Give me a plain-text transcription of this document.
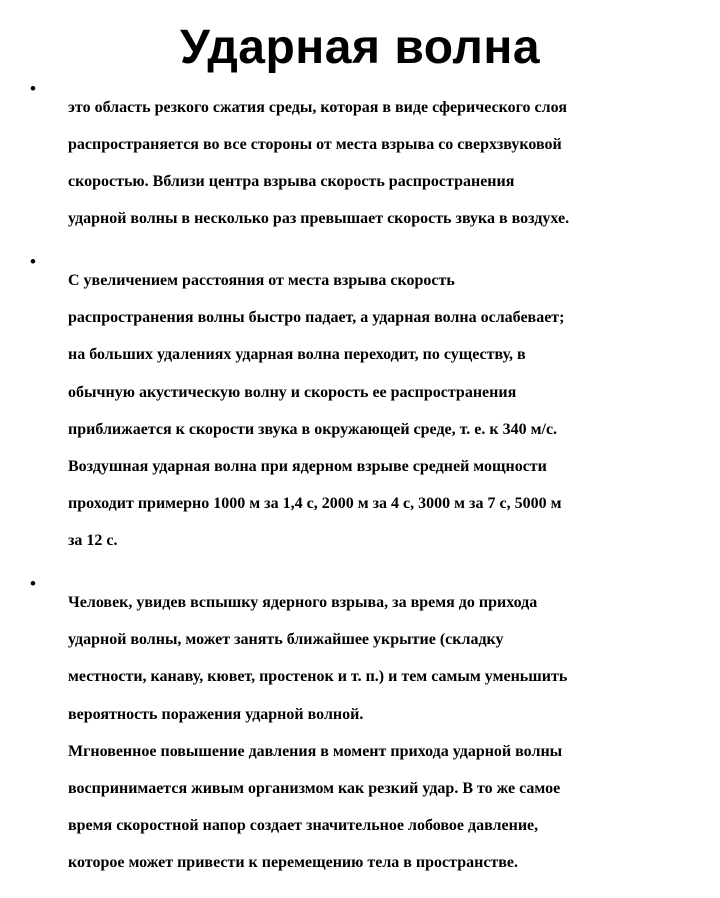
Ударная волна
•

это область резкого сжатия среды, которая в виде сферического слоя

распространяется во все стороны от места взрыва со сверхзвуковой

скоростью. Вблизи центра взрыва скорость распространения

ударной волны в несколько раз превышает скорость звука в воздухе.

•

С увеличением расстояния от места взрыва скорость

распространения волны быстро падает, а ударная волна ослабевает;

на больших удалениях ударная волна переходит, по существу, в

обычную акустическую волну и скорость ее распространения

приближается к скорости звука в окружающей среде, т. е. к 340 м/с.

Воздушная ударная волна при ядерном взрыве средней мощности

проходит примерно 1000 м за 1,4 с, 2000 м за 4 с, 3000 м за 7 с, 5000 м

за 12 с.

•

Человек, увидев вспышку ядерного взрыва, за время до прихода

ударной волны, может занять ближайшее укрытие (складку

местности, канаву, кювет, простенок и т. п.) и тем самым уменьшить

вероятность поражения ударной волной.

Мгновенное повышение давления в момент прихода ударной волны

воспринимается живым организмом как резкий удар. В то же самое

время скоростной напор создает значительное лобовое давление,

которое может привести к перемещению тела в пространстве.
